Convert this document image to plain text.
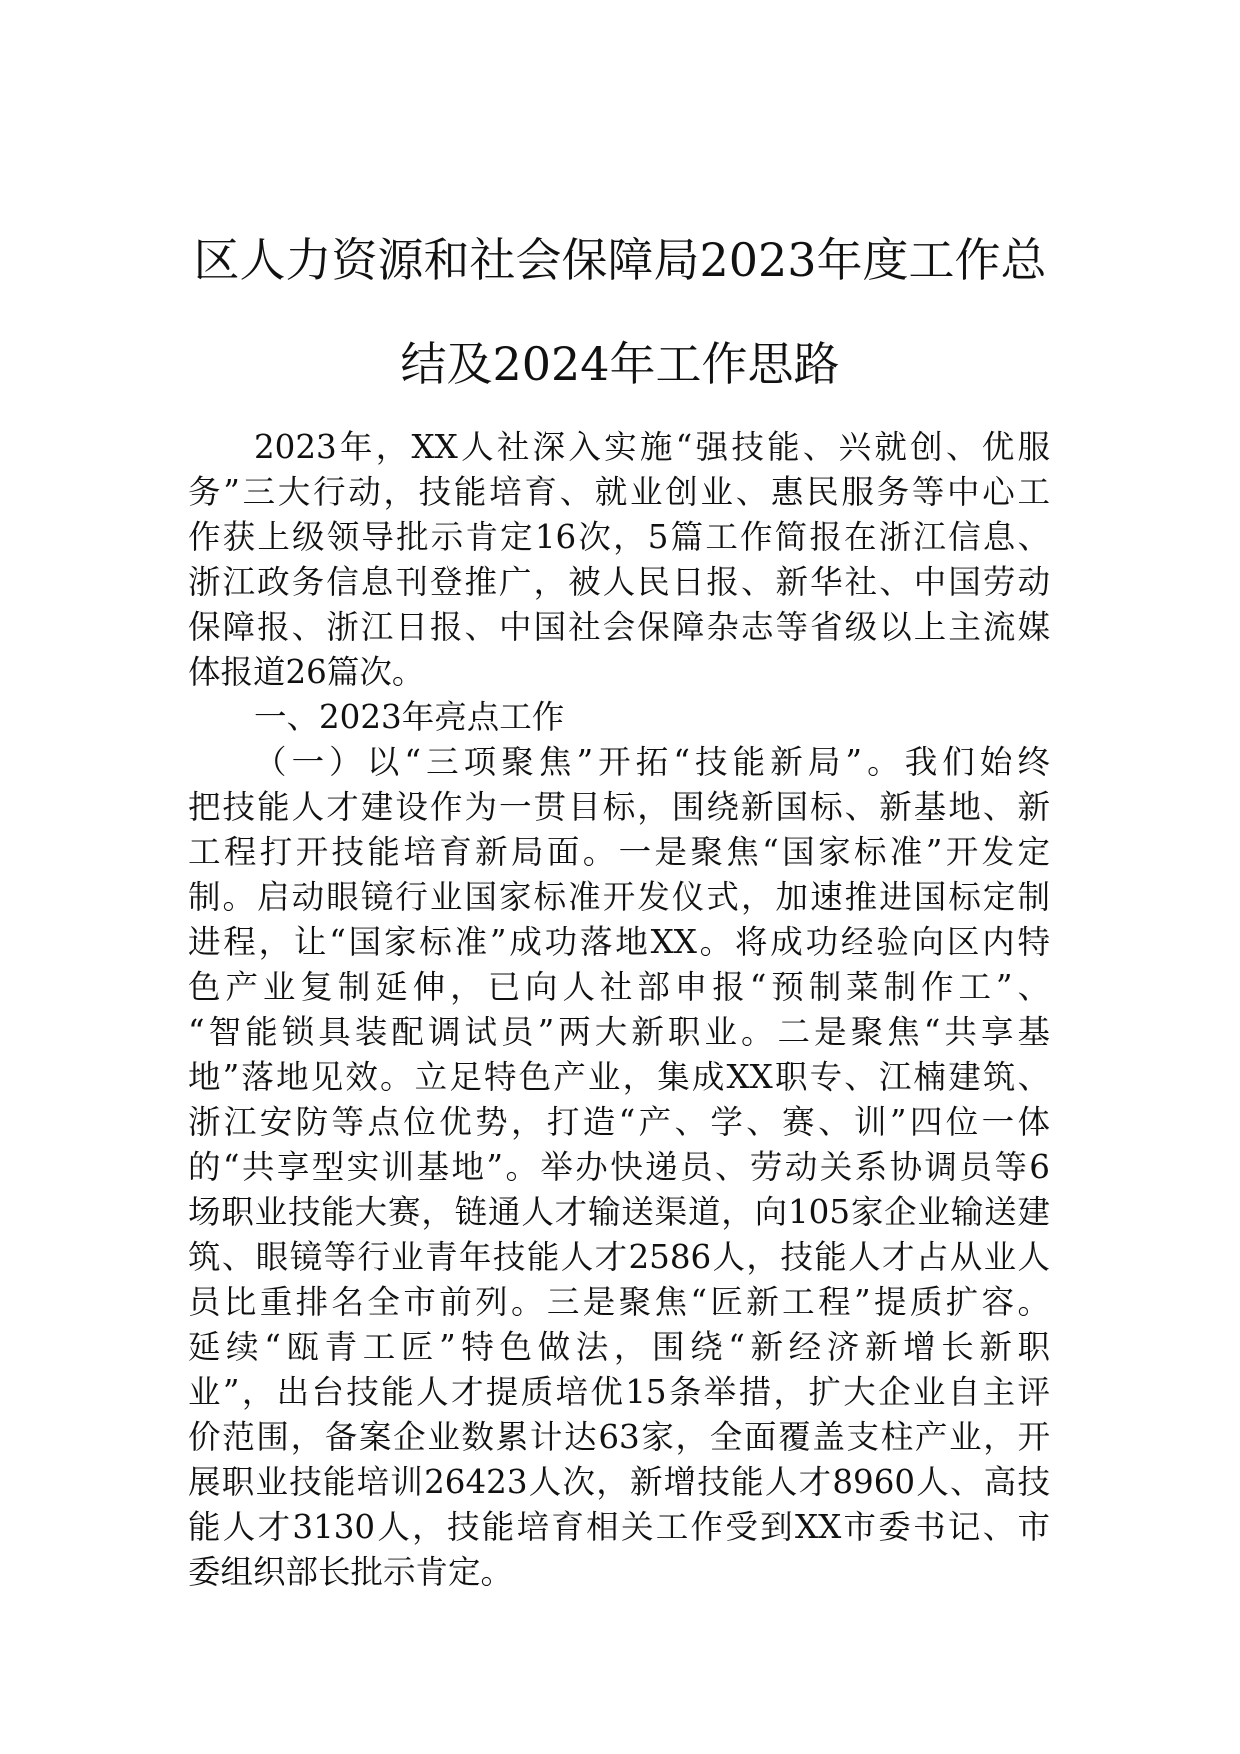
区人力资源和社会保障局2023年度工作总
结及2024年工作思路
2023年，XX人社深入实施“强技能、兴就创、优服
务”三大行动，技能培育、就业创业、惠民服务等中心工
作获上级领导批示肯定16次，5篇工作简报在浙江信息、
浙江政务信息刊登推广，被人民日报、新华社、中国劳动
保障报、浙江日报、中国社会保障杂志等省级以上主流媒
体报道26篇次。
一、2023年亮点工作
（一）以“三项聚焦”开拓“技能新局”。我们始终
把技能人才建设作为一贯目标，围绕新国标、新基地、新
工程打开技能培育新局面。一是聚焦“国家标准”开发定
制。启动眼镜行业国家标准开发仪式，加速推进国标定制
进程，让“国家标准”成功落地XX。将成功经验向区内特
色产业复制延伸，已向人社部申报“预制菜制作工”、
“智能锁具装配调试员”两大新职业。二是聚焦“共享基
地”落地见效。立足特色产业，集成XX职专、江楠建筑、
浙江安防等点位优势，打造“产、学、赛、训”四位一体
的“共享型实训基地”。举办快递员、劳动关系协调员等6
场职业技能大赛，链通人才输送渠道，向105家企业输送建
筑、眼镜等行业青年技能人才2586人，技能人才占从业人
员比重排名全市前列。三是聚焦“匠新工程”提质扩容。
延续“瓯青工匠”特色做法，围绕“新经济新增长新职
业”，出台技能人才提质培优15条举措，扩大企业自主评
价范围，备案企业数累计达63家，全面覆盖支柱产业，开
展职业技能培训26423人次，新增技能人才8960人、高技
能人才3130人，技能培育相关工作受到XX市委书记、市
委组织部长批示肯定。
